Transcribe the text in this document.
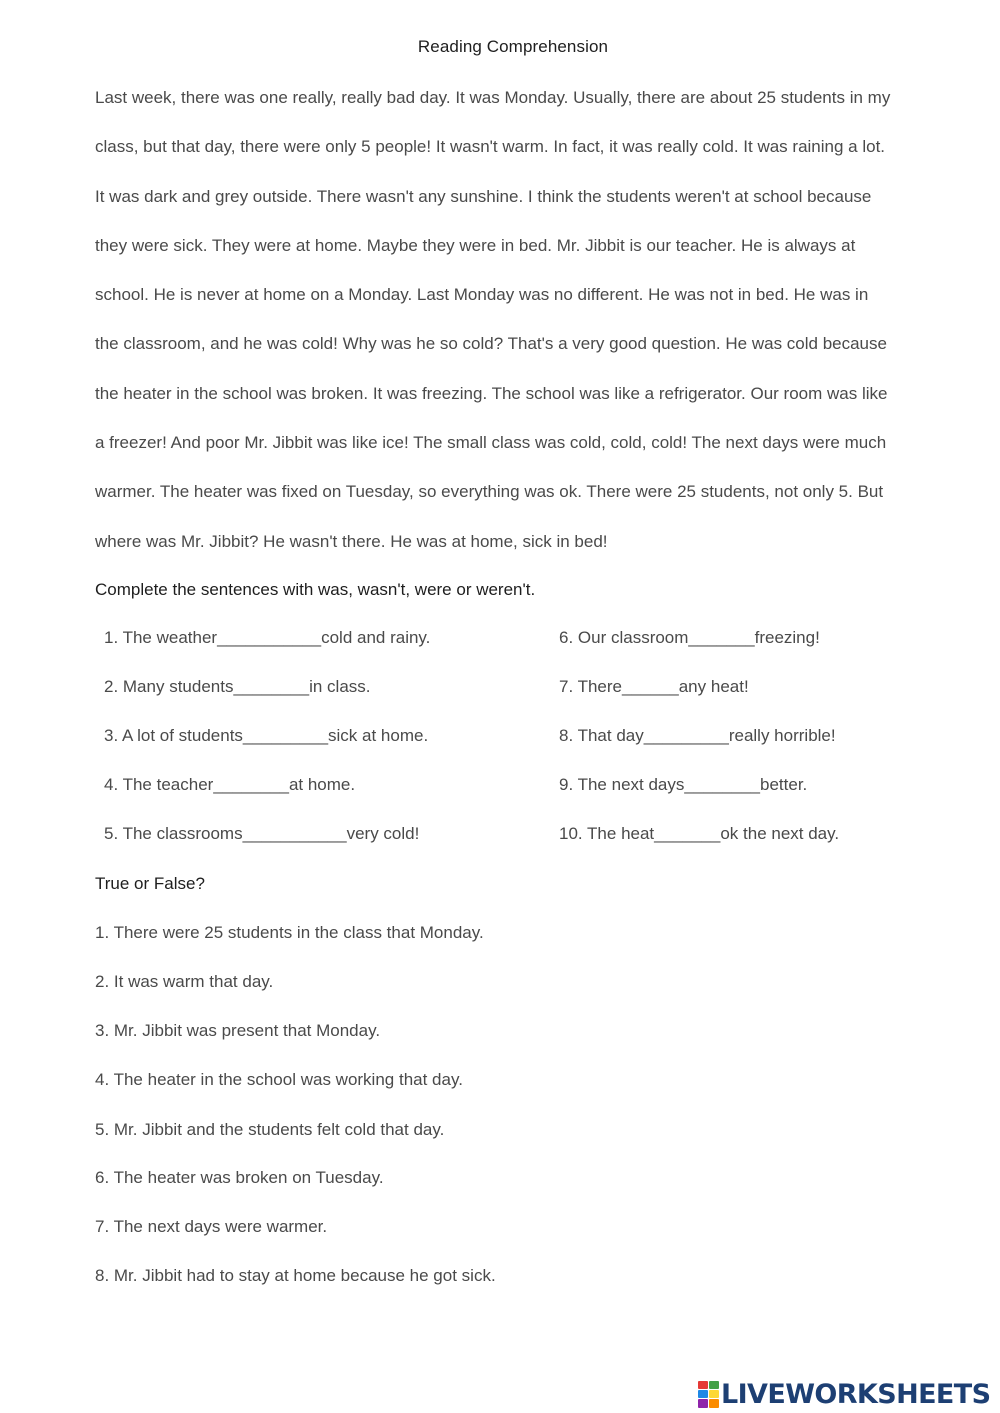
Reading Comprehension
Last week, there was one really, really bad day. It was Monday. Usually, there are about 25 students in my
class, but that day, there were only 5 people! It wasn't warm. In fact, it was really cold. It was raining a lot.
It was dark and grey outside. There wasn't any sunshine. I think the students weren't at school because
they were sick. They were at home. Maybe they were in bed. Mr. Jibbit is our teacher. He is always at
school. He is never at home on a Monday. Last Monday was no different. He was not in bed. He was in
the classroom, and he was cold! Why was he so cold? That's a very good question. He was cold because
the heater in the school was broken. It was freezing. The school was like a refrigerator. Our room was like
a freezer! And poor Mr. Jibbit was like ice! The small class was cold, cold, cold! The next days were much
warmer. The heater was fixed on Tuesday, so everything was ok. There were 25 students, not only 5. But
where was Mr. Jibbit? He wasn't there. He was at home, sick in bed!
Complete the sentences with was, wasn't, were or weren't.
1. The weather___________cold and rainy.
2. Many students________in class.
3. A lot of students_________sick at home.
4. The teacher________at home.
5. The classrooms___________very cold!
6. Our classroom_______freezing!
7. There______any heat!
8. That day_________really horrible!
9. The next days________better.
10. The heat_______ok the next day.
True or False?
1. There were 25 students in the class that Monday.
2. It was warm that day.
3. Mr. Jibbit was present that Monday.
4. The heater in the school was working that day.
5. Mr. Jibbit and the students felt cold that day.
6. The heater was broken on Tuesday.
7. The next days were warmer.
8. Mr. Jibbit had to stay at home because he got sick.
LIVEWORKSHEETS
